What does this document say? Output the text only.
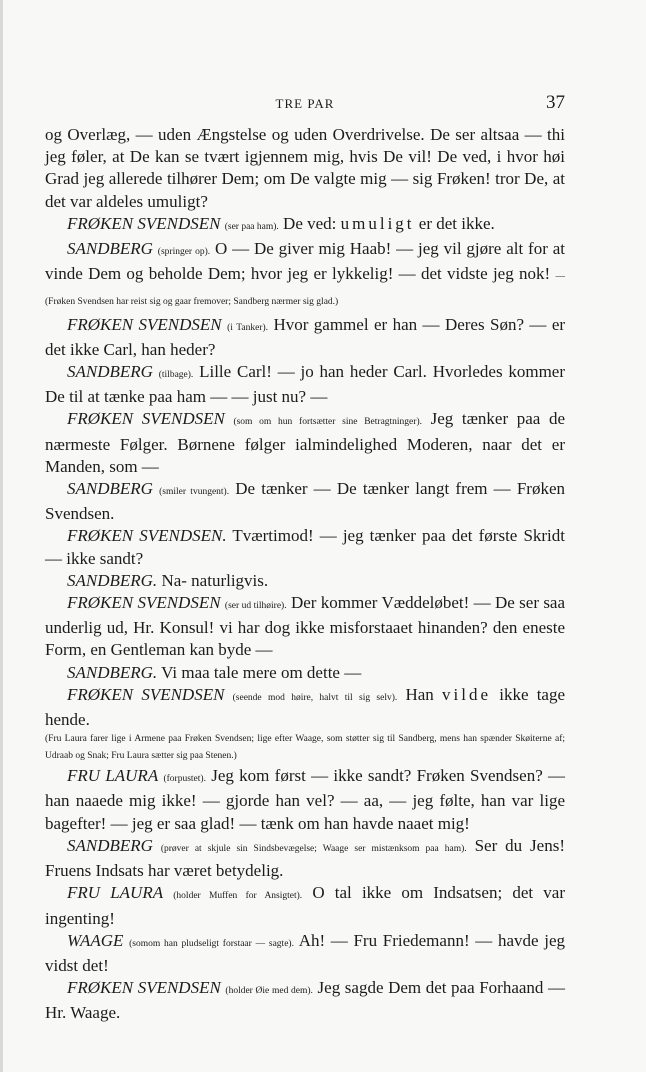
TRE PAR	37

og Overlæg, — uden Ængstelse og uden Overdrivelse. De ser altsaa — thi jeg føler, at De kan se tvært igjennem mig, hvis De vil! De ved, i hvor høi Grad jeg allerede tilhører Dem; om De valgte mig — sig Frøken! tror De, at det var aldeles umuligt?

FRØKEN SVENDSEN (ser paa ham). De ved: umuligt er det ikke.

SANDBERG (springer op). O — De giver mig Haab! — jeg vil gjøre alt for at vinde Dem og beholde Dem; hvor jeg er lykkelig! — det vidste jeg nok! — (Frøken Svendsen har reist sig og gaar fremover; Sandberg nærmer sig glad.)

FRØKEN SVENDSEN (i Tanker). Hvor gammel er han — Deres Søn? — er det ikke Carl, han heder?

SANDBERG (tilbage). Lille Carl! — jo han heder Carl. Hvorledes kommer De til at tænke paa ham — — just nu? —

FRØKEN SVENDSEN (som om hun fortsætter sine Betragtninger). Jeg tænker paa de nærmeste Følger. Børnene følger ialmindelighed Moderen, naar det er Manden, som —

SANDBERG (smiler tvungent). De tænker — De tænker langt frem — Frøken Svendsen.

FRØKEN SVENDSEN. Tværtimod! — jeg tænker paa det første Skridt — ikke sandt?

SANDBERG. Na- naturligvis.

FRØKEN SVENDSEN (ser ud tilhøire). Der kommer Væddeløbet! — De ser saa underlig ud, Hr. Konsul! vi har dog ikke misforstaaet hinanden? den eneste Form, en Gentleman kan byde —

SANDBERG. Vi maa tale mere om dette —

FRØKEN SVENDSEN (seende mod høire, halvt til sig selv). Han vilde ikke tage hende.

(Fru Laura farer lige i Armene paa Frøken Svendsen; lige efter Waage, som støtter sig til Sandberg, mens han spænder Skøiterne af; Udraab og Snak; Fru Laura sætter sig paa Stenen.)

FRU LAURA (forpustet). Jeg kom først — ikke sandt? Frøken Svendsen? — han naaede mig ikke! — gjorde han vel? — aa, — jeg følte, han var lige bagefter! — jeg er saa glad! — tænk om han havde naaet mig!

SANDBERG (prøver at skjule sin Sindsbevægelse; Waage ser mistænksom paa ham). Ser du Jens! Fruens Indsats har været betydelig.

FRU LAURA (holder Muffen for Ansigtet). O tal ikke om Indsatsen; det var ingenting!

WAAGE (somom han pludseligt forstaar — sagte). Ah! — Fru Friedemann! — havde jeg vidst det!

FRØKEN SVENDSEN (holder Øie med dem). Jeg sagde Dem det paa Forhaand — Hr. Waage.
